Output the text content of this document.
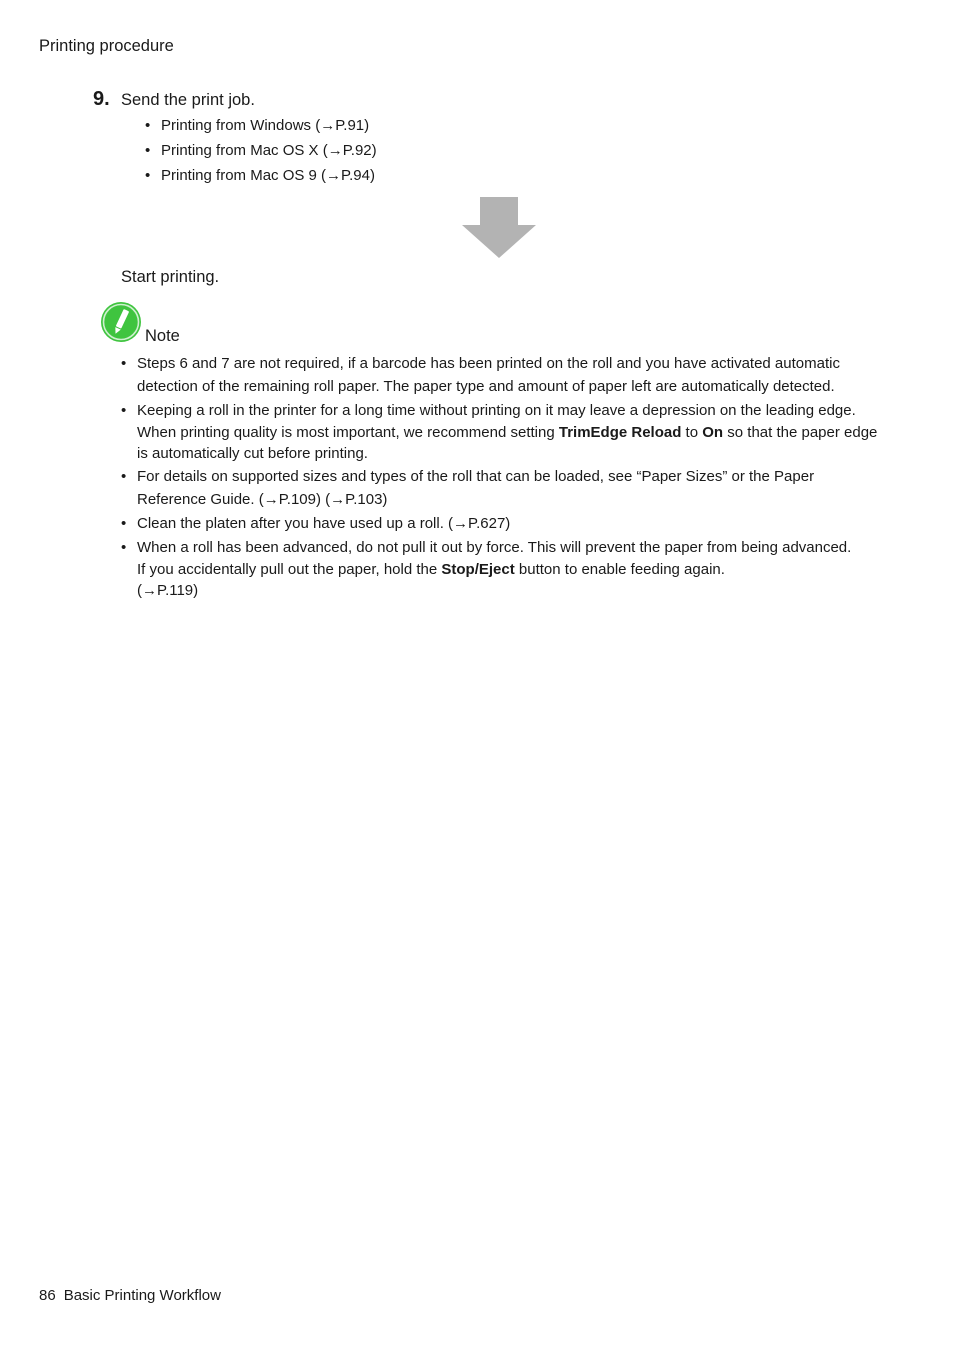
Printing procedure
9. Send the print job.
• Printing from Windows (→P.91)
• Printing from Mac OS X (→P.92)
• Printing from Mac OS 9 (→P.94)
Start printing.
Note
• Steps 6 and 7 are not required, if a barcode has been printed on the roll and you have activated automatic detection of the remaining roll paper. The paper type and amount of paper left are automatically detected.
• Keeping a roll in the printer for a long time without printing on it may leave a depression on the leading edge.
When printing quality is most important, we recommend setting TrimEdge Reload to On so that the paper edge is automatically cut before printing.
• For details on supported sizes and types of the roll that can be loaded, see “Paper Sizes” or the Paper Reference Guide. (→P.109) (→P.103)
• Clean the platen after you have used up a roll. (→P.627)
• When a roll has been advanced, do not pull it out by force. This will prevent the paper from being advanced.
If you accidentally pull out the paper, hold the Stop/Eject button to enable feeding again.
(→P.119)
86 Basic Printing Workflow
